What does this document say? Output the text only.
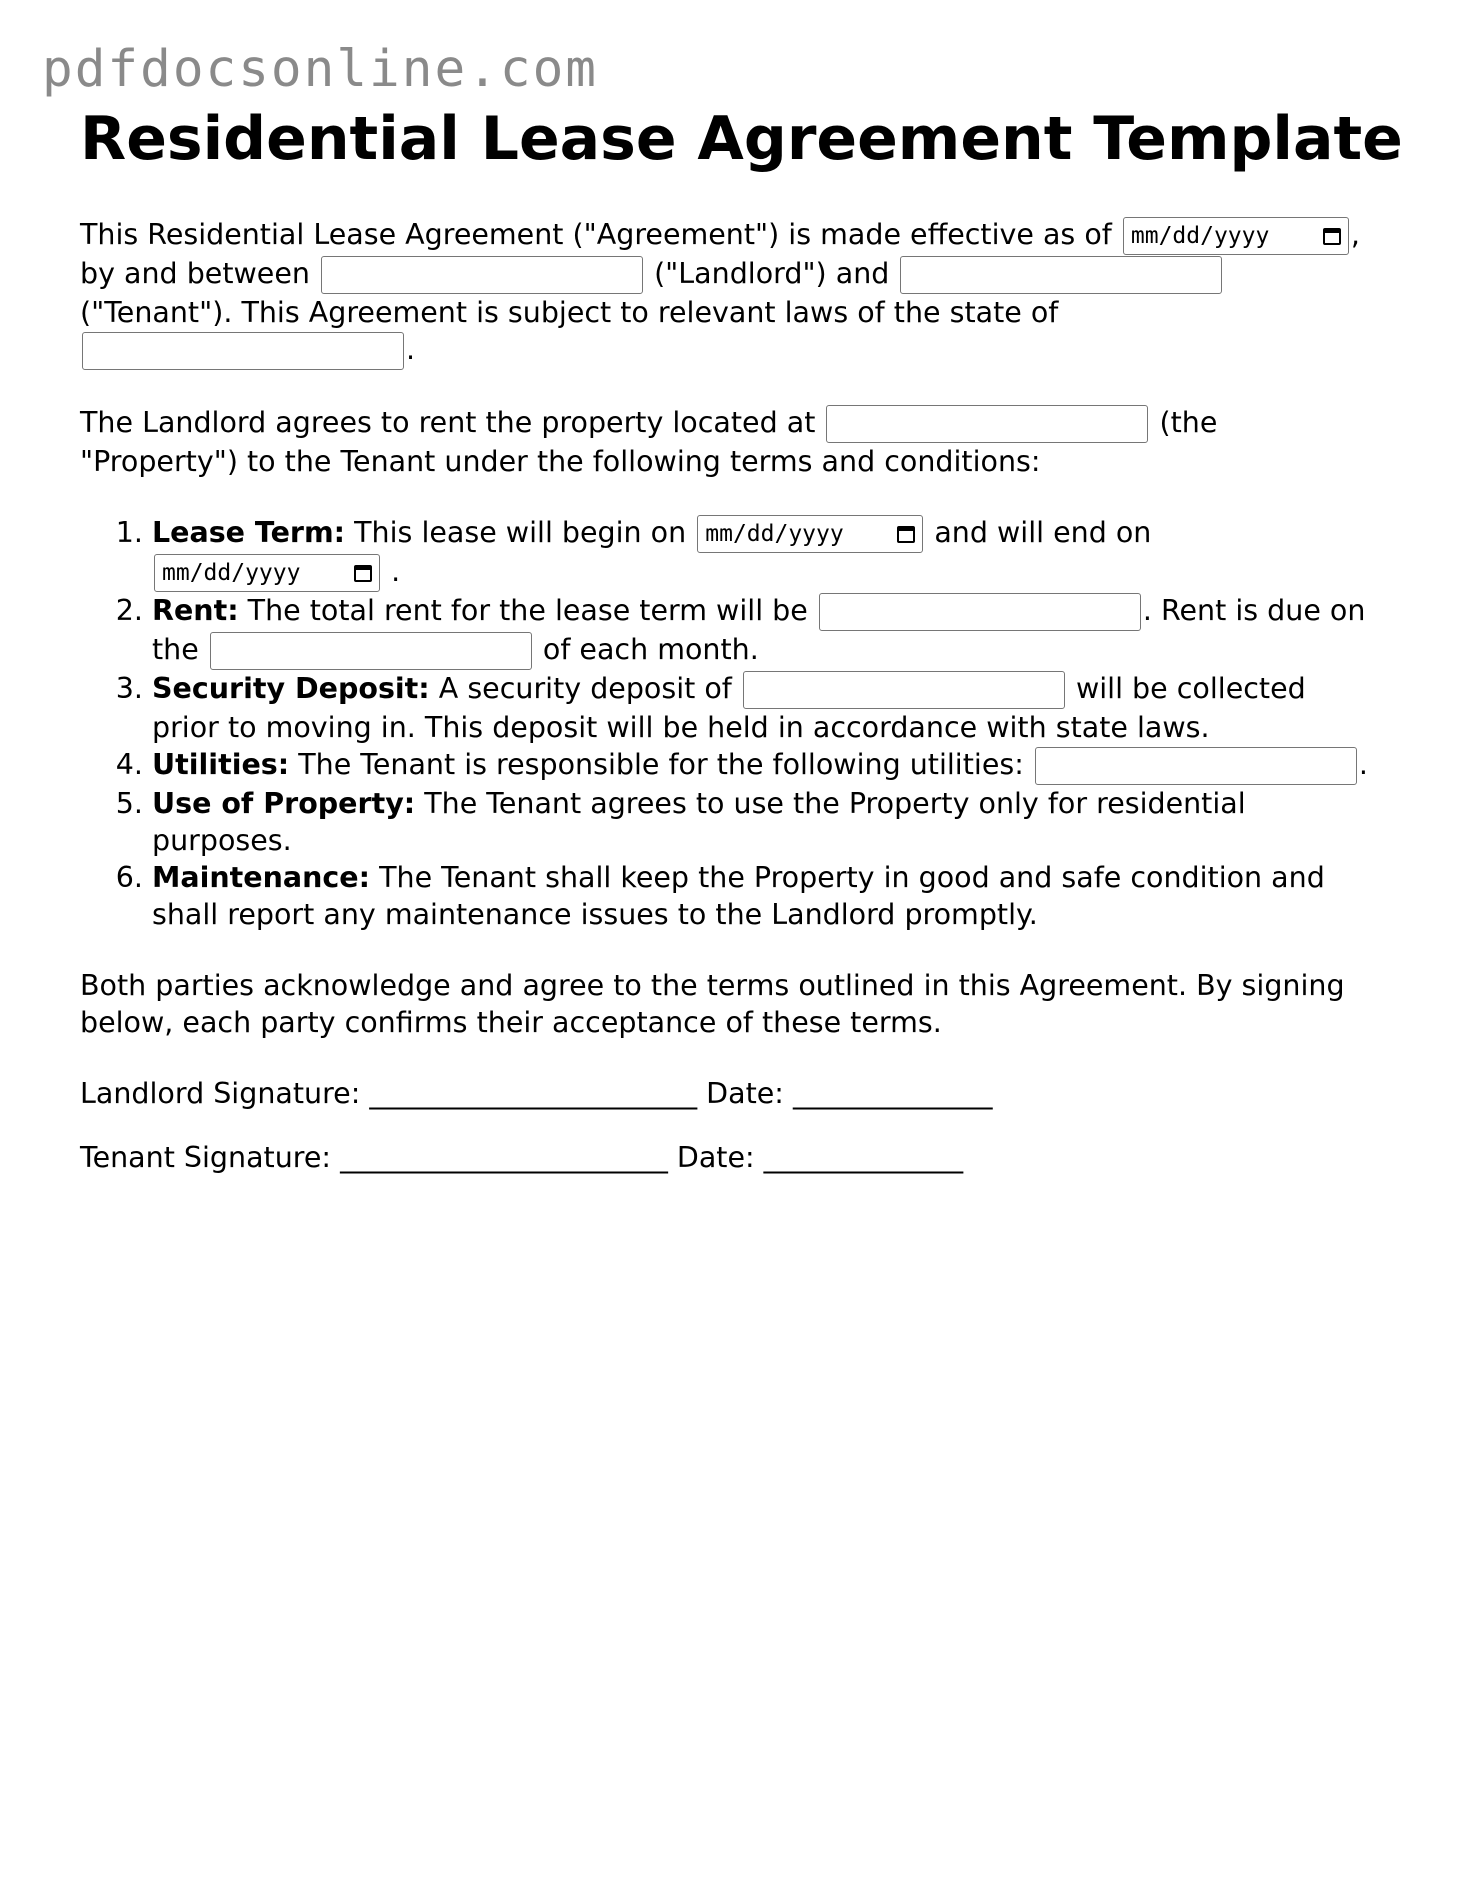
pdfdocsonline.com
Residential Lease Agreement Template

This Residential Lease Agreement ("Agreement") is made effective as of mm/dd/yyyy	, by and between	("Landlord") and  ("Tenant"). This Agreement is subject to relevant laws of the state of .

The Landlord agrees to rent the property located at	(the "Property") to the Tenant under the following terms and conditions:

1. Lease Term: This lease will begin on mm/dd/yyyy	and will end on
mm/dd/yyyy	.
2. Rent: The total rent for the lease term will be	. Rent is due on the	of each month.
3. Security Deposit: A security deposit of	will be collected prior to moving in. This deposit will be held in accordance with state laws.
4. Utilities: The Tenant is responsible for the following utilities:	.
5. Use of Property: The Tenant agrees to use the Property only for residential purposes.
6. Maintenance: The Tenant shall keep the Property in good and safe condition and shall report any maintenance issues to the Landlord promptly.

Both parties acknowledge and agree to the terms outlined in this Agreement. By signing below, each party confirms their acceptance of these terms.

Landlord Signature: _______________________ Date: ______________

Tenant Signature: _______________________ Date: ______________
